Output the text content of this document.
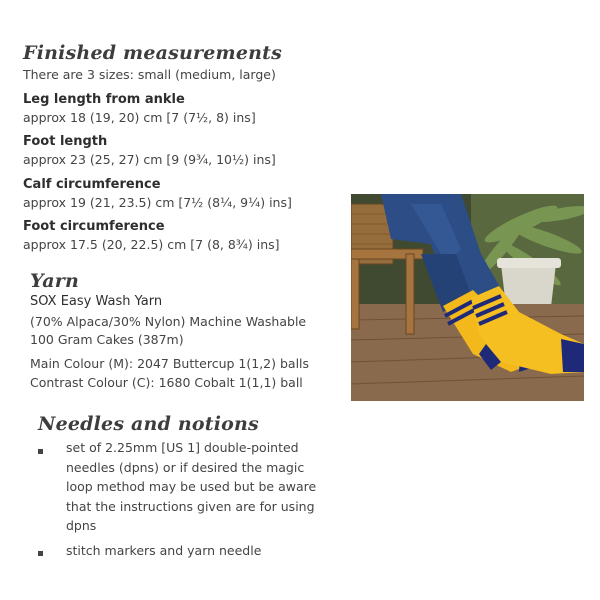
Finished measurements

There are 3 sizes: small (medium, large)

Leg length from ankle

approx 18 (19, 20) cm [7 (7½, 8) ins]

Foot length

approx 23 (25, 27) cm [9 (9¾, 10½) ins]

Calf circumference

approx 19 (21, 23.5) cm [7½ (8¼, 9¼) ins]

Foot circumference

approx 17.5 (20, 22.5) cm [7 (8, 8¾) ins]

Yarn

SOX Easy Wash Yarn

(70% Alpaca/30% Nylon) Machine Washable

100 Gram Cakes (387m)

Main Colour (M): 2047 Buttercup 1(1,2) balls

Contrast Colour (C): 1680 Cobalt 1(1,1) ball

Needles and notions

set of 2.25mm [US 1] double-pointed needles (dpns) or if desired the magic loop method may be used but be aware that the instructions given are for using dpns

stitch markers and yarn needle
